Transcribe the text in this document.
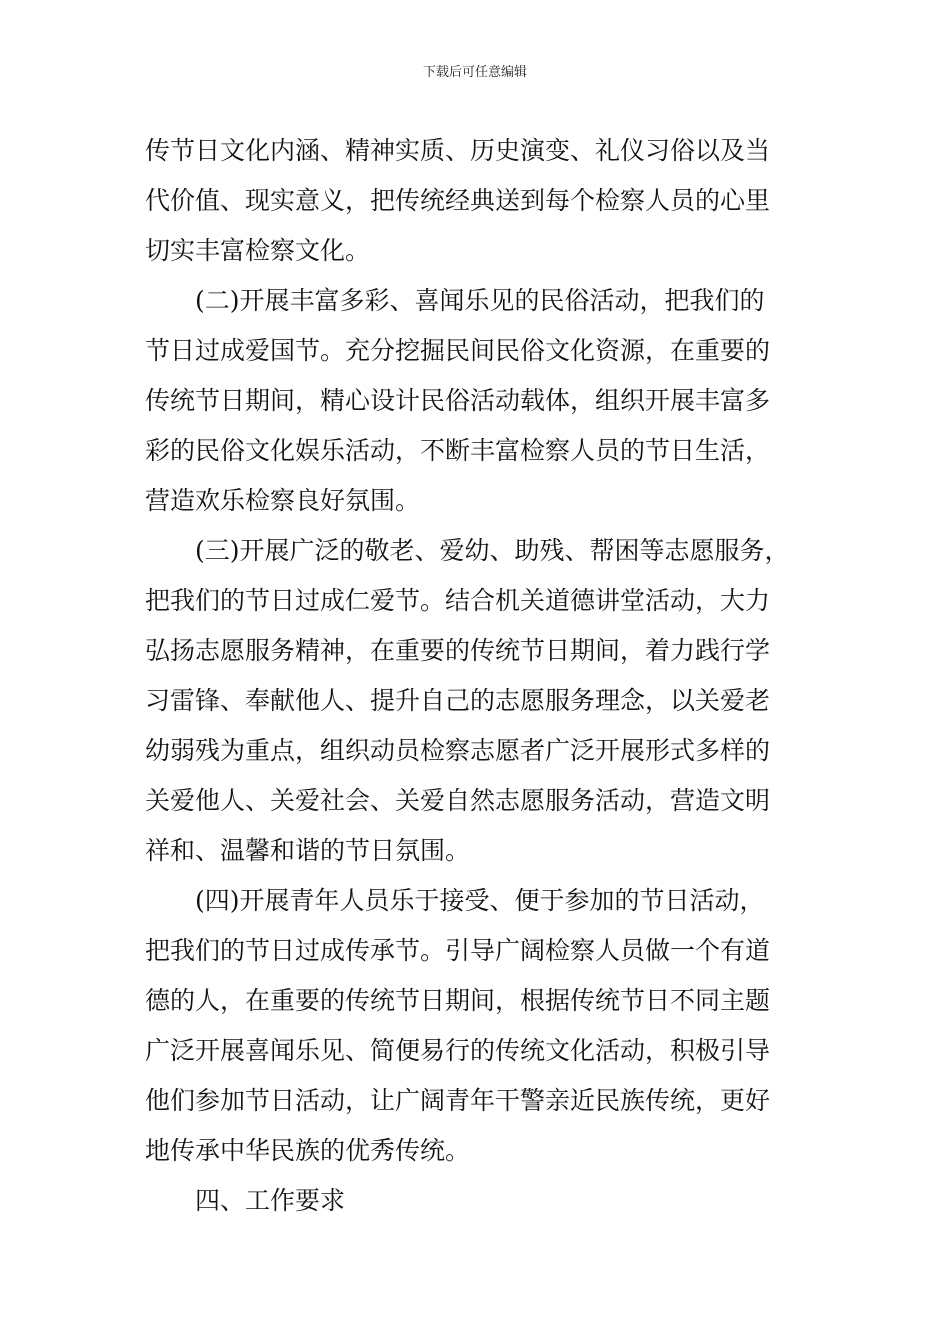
下载后可任意编辑
传节日文化内涵、精神实质、历史演变、礼仪习俗以及当
代价值、现实意义，把传统经典送到每个检察人员的心里
切实丰富检察文化。
(二)开展丰富多彩、喜闻乐见的民俗活动，把我们的
节日过成爱国节。充分挖掘民间民俗文化资源，在重要的
传统节日期间，精心设计民俗活动载体，组织开展丰富多
彩的民俗文化娱乐活动，不断丰富检察人员的节日生活，
营造欢乐检察良好氛围。
(三)开展广泛的敬老、爱幼、助残、帮困等志愿服务，
把我们的节日过成仁爱节。结合机关道德讲堂活动，大力
弘扬志愿服务精神，在重要的传统节日期间，着力践行学
习雷锋、奉献他人、提升自己的志愿服务理念，以关爱老
幼弱残为重点，组织动员检察志愿者广泛开展形式多样的
关爱他人、关爱社会、关爱自然志愿服务活动，营造文明
祥和、温馨和谐的节日氛围。
(四)开展青年人员乐于接受、便于参加的节日活动，
把我们的节日过成传承节。引导广阔检察人员做一个有道
德的人，在重要的传统节日期间，根据传统节日不同主题
广泛开展喜闻乐见、简便易行的传统文化活动，积极引导
他们参加节日活动，让广阔青年干警亲近民族传统，更好
地传承中华民族的优秀传统。
四、工作要求
